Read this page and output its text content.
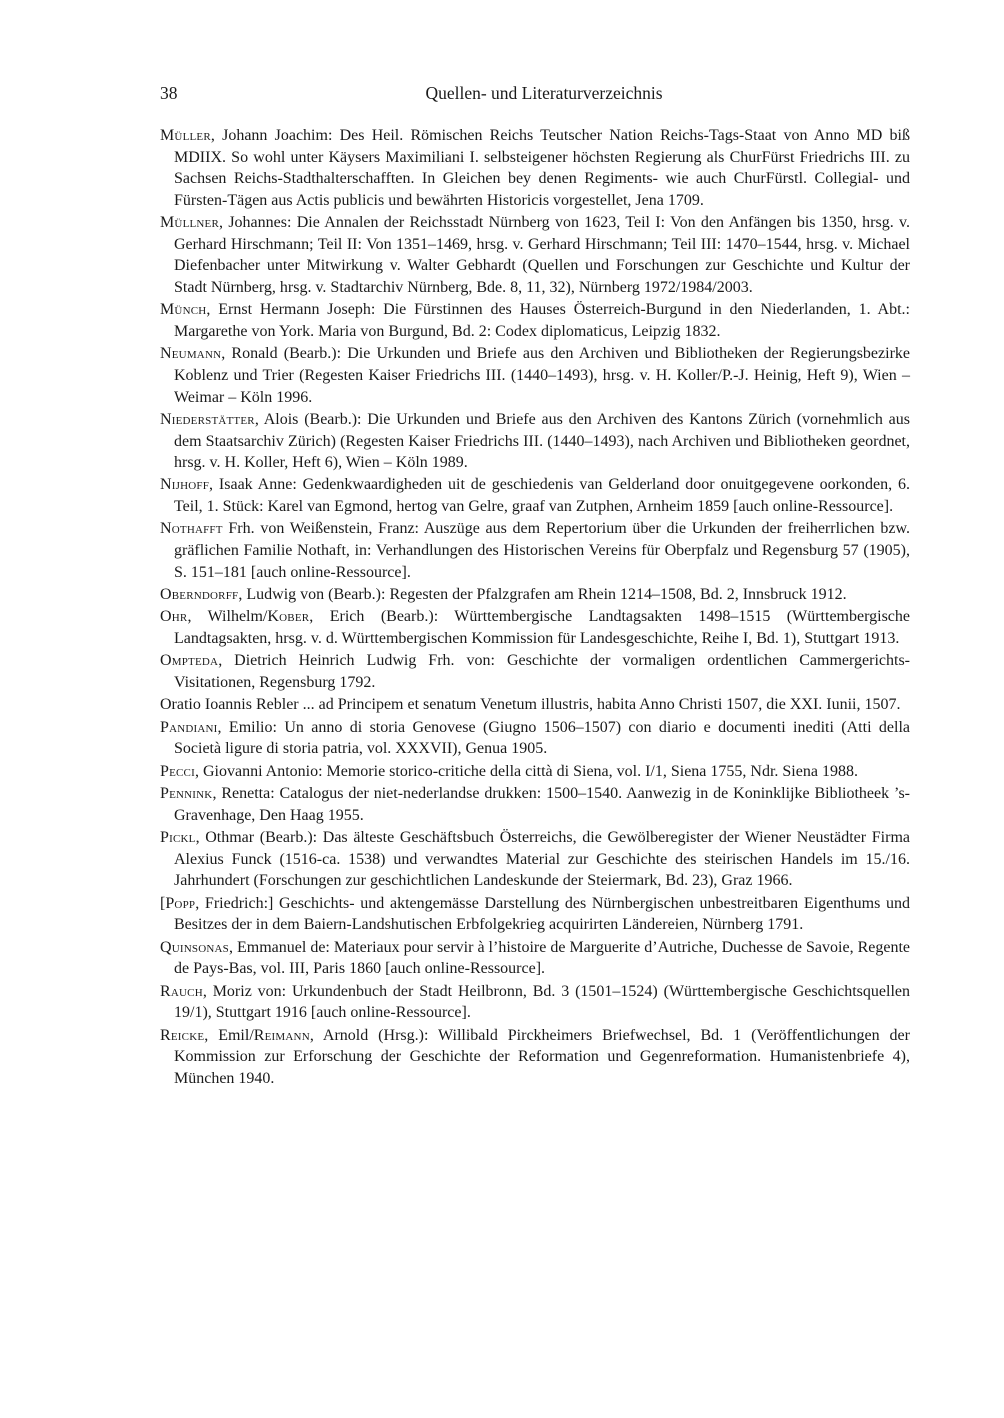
38	Quellen- und Literaturverzeichnis

Müller, Johann Joachim: Des Heil. Römischen Reichs Teutscher Nation Reichs-Tags-Staat von Anno MD biß MDIIX. So wohl unter Käysers Maximiliani I. selbsteigener höchsten Regierung als ChurFürst Friedrichs III. zu Sachsen Reichs-Stadthalterschafften. In Gleichen bey denen Regiments- wie auch ChurFürstl. Collegial- und Fürsten-Tägen aus Actis publicis und bewährten Historicis vorgestellet, Jena 1709.

Müllner, Johannes: Die Annalen der Reichsstadt Nürnberg von 1623, Teil I: Von den Anfängen bis 1350, hrsg. v. Gerhard Hirschmann; Teil II: Von 1351–1469, hrsg. v. Gerhard Hirschmann; Teil III: 1470–1544, hrsg. v. Michael Diefenbacher unter Mitwirkung v. Walter Gebhardt (Quellen und Forschungen zur Geschichte und Kultur der Stadt Nürnberg, hrsg. v. Stadtarchiv Nürnberg, Bde. 8, 11, 32), Nürnberg 1972/1984/2003.

Münch, Ernst Hermann Joseph: Die Fürstinnen des Hauses Österreich-Burgund in den Niederlanden, 1. Abt.: Margarethe von York. Maria von Burgund, Bd. 2: Codex diplomaticus, Leipzig 1832.

Neumann, Ronald (Bearb.): Die Urkunden und Briefe aus den Archiven und Bibliotheken der Regierungsbezirke Koblenz und Trier (Regesten Kaiser Friedrichs III. (1440–1493), hrsg. v. H. Koller/P.-J. Heinig, Heft 9), Wien – Weimar – Köln 1996.

Niederstätter, Alois (Bearb.): Die Urkunden und Briefe aus den Archiven des Kantons Zürich (vornehmlich aus dem Staatsarchiv Zürich) (Regesten Kaiser Friedrichs III. (1440–1493), nach Archiven und Bibliotheken geordnet, hrsg. v. H. Koller, Heft 6), Wien – Köln 1989.

Nijhoff, Isaak Anne: Gedenkwaardigheden uit de geschiedenis van Gelderland door onuitgegevene oorkonden, 6. Teil, 1. Stück: Karel van Egmond, hertog van Gelre, graaf van Zutphen, Arnheim 1859 [auch online-Ressource].

Nothafft Frh. von Weißenstein, Franz: Auszüge aus dem Repertorium über die Urkunden der freiherrlichen bzw. gräflichen Familie Nothaft, in: Verhandlungen des Historischen Vereins für Oberpfalz und Regensburg 57 (1905), S. 151–181 [auch online-Ressource].

Oberndorff, Ludwig von (Bearb.): Regesten der Pfalzgrafen am Rhein 1214–1508, Bd. 2, Innsbruck 1912.

Ohr, Wilhelm/Kober, Erich (Bearb.): Württembergische Landtagsakten 1498–1515 (Württembergische Landtagsakten, hrsg. v. d. Württembergischen Kommission für Landesgeschichte, Reihe I, Bd. 1), Stuttgart 1913.

Ompteda, Dietrich Heinrich Ludwig Frh. von: Geschichte der vormaligen ordentlichen Cammergerichts-Visitationen, Regensburg 1792.

Oratio Ioannis Rebler ... ad Principem et senatum Venetum illustris, habita Anno Christi 1507, die XXI. Iunii, 1507.

Pandiani, Emilio: Un anno di storia Genovese (Giugno 1506–1507) con diario e documenti inediti (Atti della Società ligure di storia patria, vol. XXXVII), Genua 1905.

Pecci, Giovanni Antonio: Memorie storico-critiche della città di Siena, vol. I/1, Siena 1755, Ndr. Siena 1988.

Pennink, Renetta: Catalogus der niet-nederlandse drukken: 1500–1540. Aanwezig in de Koninklijke Bibliotheek ’s-Gravenhage, Den Haag 1955.

Pickl, Othmar (Bearb.): Das älteste Geschäftsbuch Österreichs, die Gewölberegister der Wiener Neustädter Firma Alexius Funck (1516-ca. 1538) und verwandtes Material zur Geschichte des steirischen Handels im 15./16. Jahrhundert (Forschungen zur geschichtlichen Landeskunde der Steiermark, Bd. 23), Graz 1966.

[Popp, Friedrich:] Geschichts- und aktengemässe Darstellung des Nürnbergischen unbestreitbaren Eigenthums und Besitzes der in dem Baiern-Landshutischen Erbfolgekrieg acquirirten Ländereien, Nürnberg 1791.

Quinsonas, Emmanuel de: Materiaux pour servir à l’histoire de Marguerite d’Autriche, Duchesse de Savoie, Regente de Pays-Bas, vol. III, Paris 1860 [auch online-Ressource].

Rauch, Moriz von: Urkundenbuch der Stadt Heilbronn, Bd. 3 (1501–1524) (Württembergische Geschichtsquellen 19/1), Stuttgart 1916 [auch online-Ressource].

Reicke, Emil/Reimann, Arnold (Hrsg.): Willibald Pirckheimers Briefwechsel, Bd. 1 (Veröffentlichungen der Kommission zur Erforschung der Geschichte der Reformation und Gegenreformation. Humanistenbriefe 4), München 1940.
